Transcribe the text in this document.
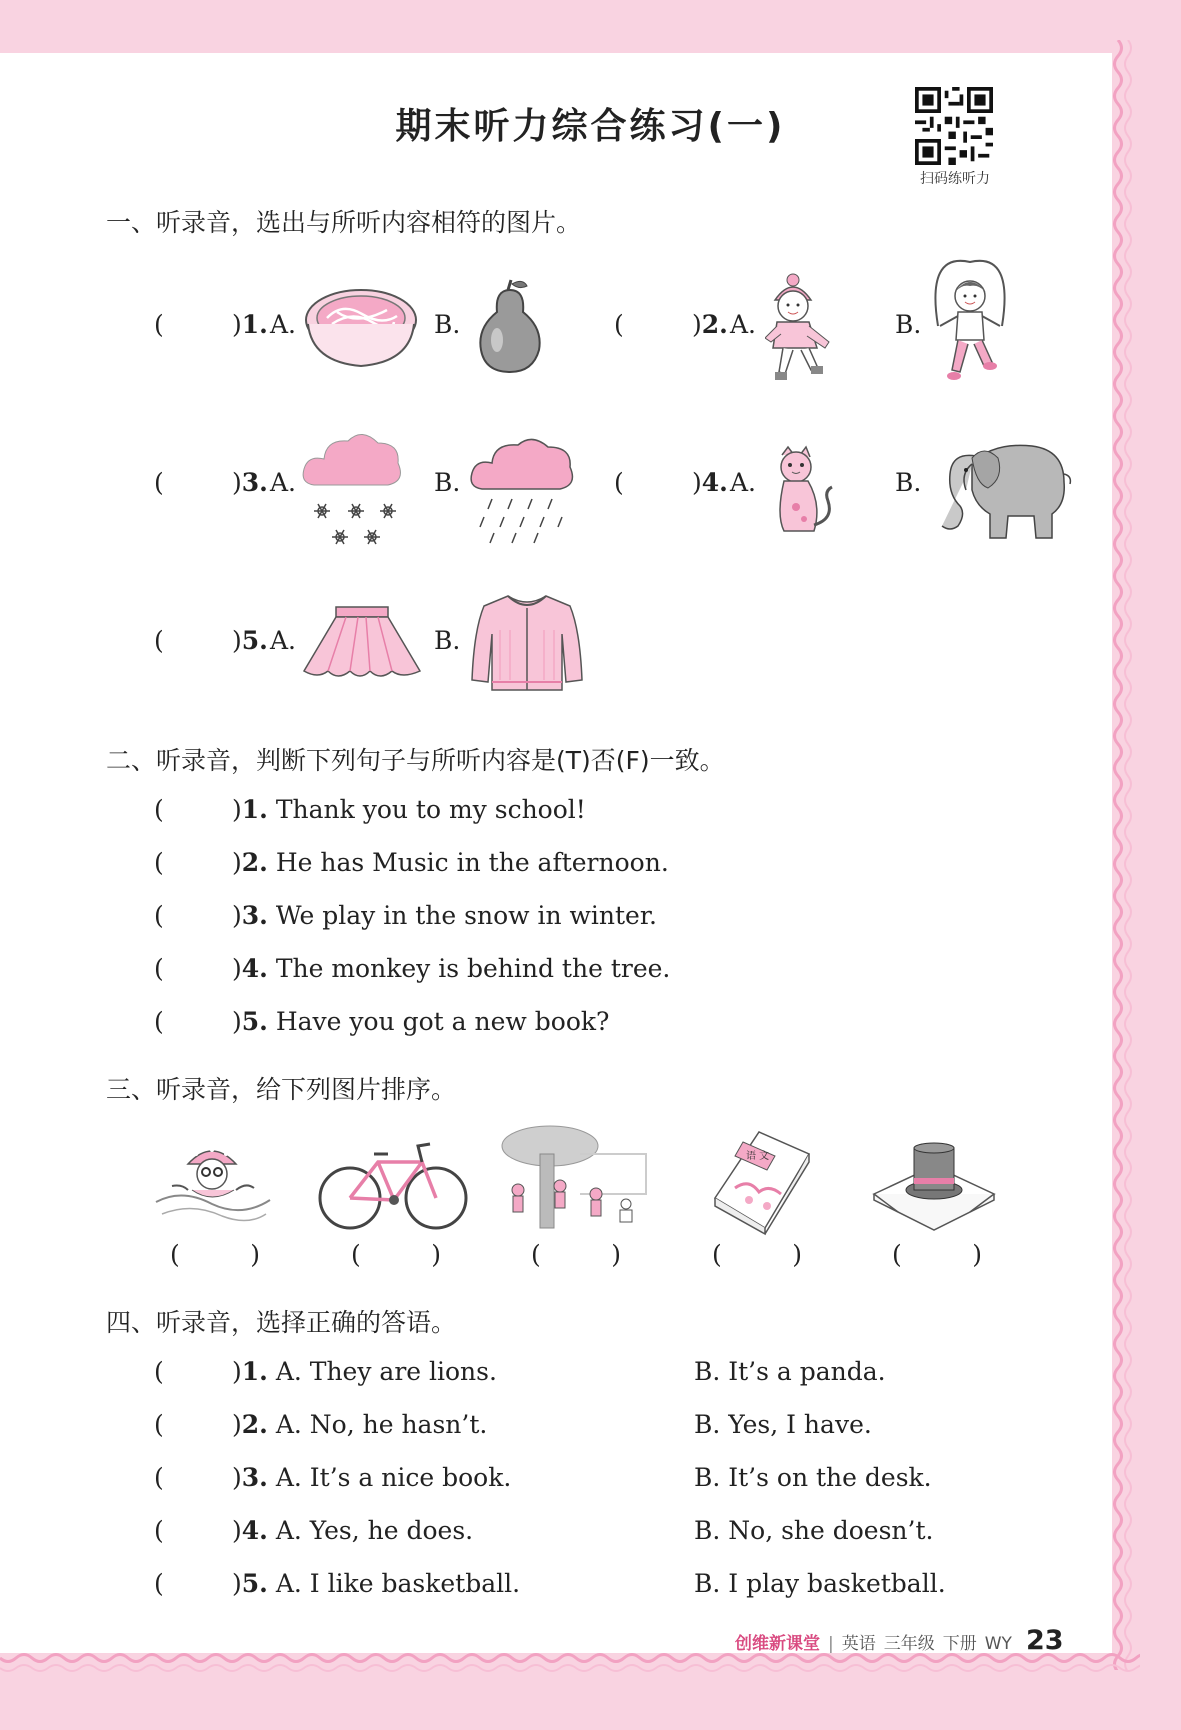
期末听力综合练习(一)
扫码练听力
一、听录音，选出与所听内容相符的图片。
(	) 1. A.	B.	(	) 2. A.	B.
(	) 3. A.	B.	(	) 4. A.	B.
(	) 5. A.	B.
二、听录音，判断下列句子与所听内容是(T)否(F)一致。
(	) 1.
Thank you to my school!
(	) 2.
He has Music in the afternoon.
(	) 3.
We play in the snow in winter.
(	) 4.
The monkey is behind the tree.
(	) 5.
Have you got a new book?
三、听录音，给下列图片排序。
语 文
(	)	(	)	(	)	(	)	(	)
四、听录音，选择正确的答语。
(	) 1.
A. They are lions.	B. It’s a panda.
(	) 2.
A. No, he hasn’t.	B. Yes, I have.
(	) 3.
A. It’s a nice book.	B. It’s on the desk.
(	) 4.
A. Yes, he does.	B. No, she doesn’t.
(	) 5.
A. I like basketball.	B. I play basketball.
创维新课堂 | 英语 三年级 下册 WY 23
